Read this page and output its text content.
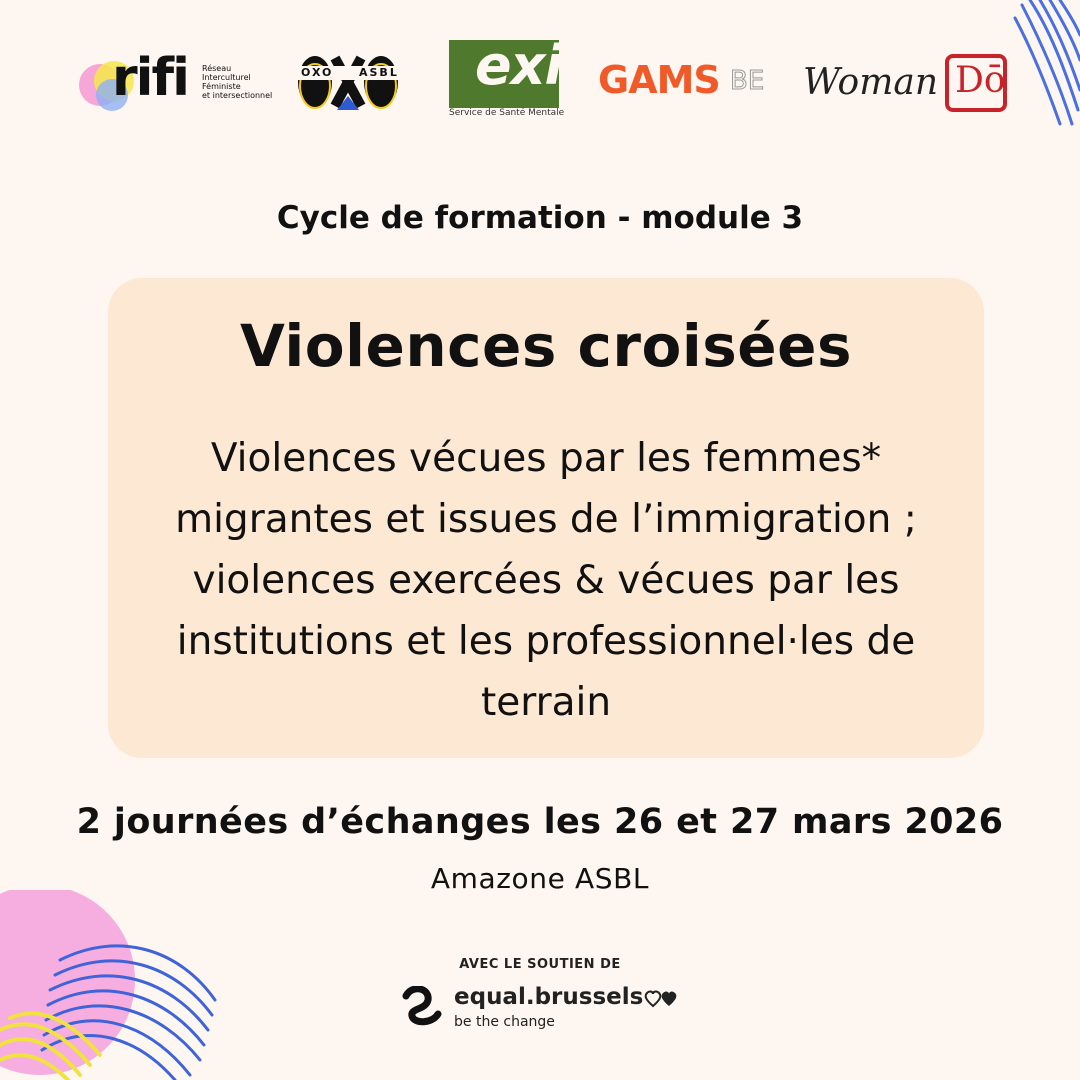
rifi Réseau
Interculturel
Féministe
et intersectionnel
OXO ASBL exil
Service de Santé Mentale
GAMS BE Woman Dō
Cycle de formation - module 3
Violences croisées
Violences vécues par les femmes*
migrantes et issues de l’immigration ;
violences exercées & vécues par les
institutions et les professionnel·les de
terrain
2 journées d’échanges les 26 et 27 mars 2026
Amazone ASBL
AVEC LE SOUTIEN DE
equal.brussels
be the change
